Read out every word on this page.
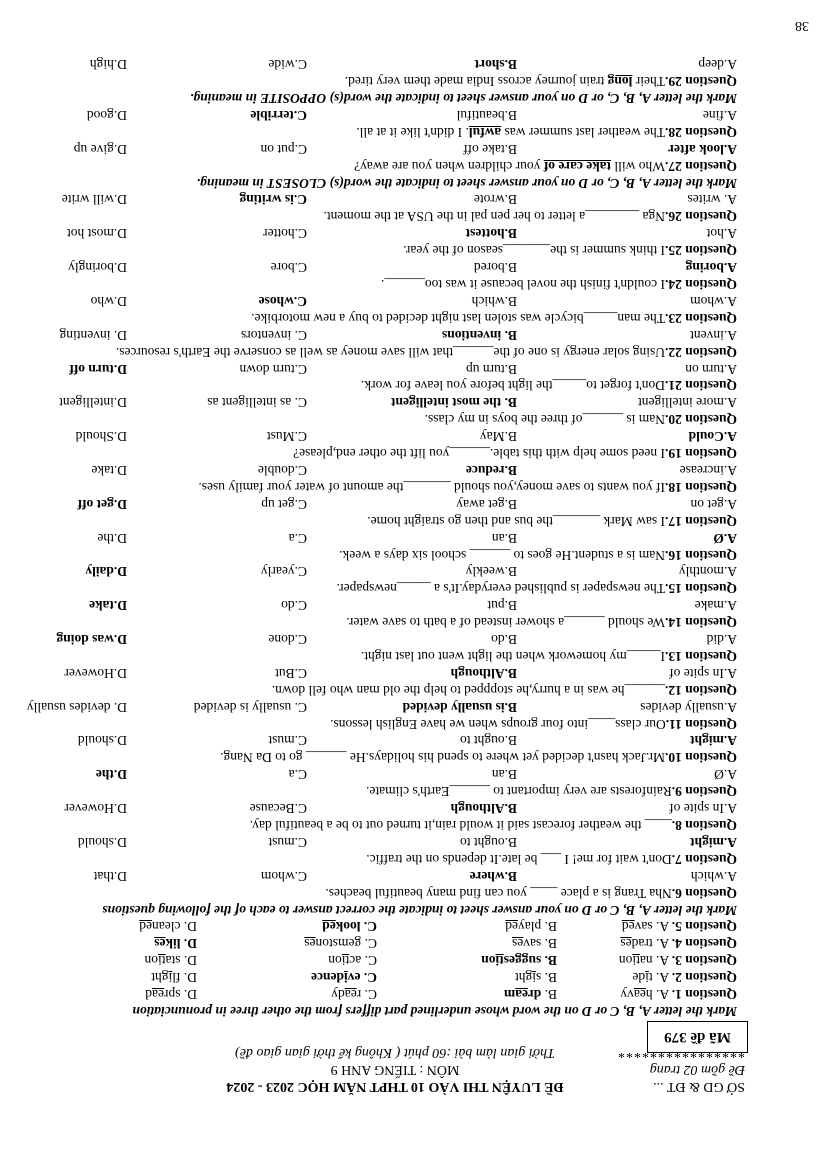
38
SỞ GD & ĐT ...
Đề gồm 02 trang
****************
ĐỀ LUYỆN THI VÀO 10 THPT NĂM HỌC 2023 - 2024
MÔN : TIẾNG ANH 9
Thời gian làm bài :60 phút ( Không kể thời gian giao đề)
Mã đề 379
Mark the letter A, B, C or D on the word whose underlined part differs from the other three in pronunciation
Question 1. A. heavy
B. dream
C. ready
D. spread
Question 2. A. tide
B. sight
C. evidence
D. flight
Question 3. A. nation
B. suggestion
C. action
D. station
Question 4. A. trades
B. saves
C. gemstones
D. likes
Question 5. A. saved
B. played
C. looked
D. cleaned
Mark the letter A, B, C or D on your answer sheet to indicate the correct answer to each of the following questions
Question 6.Nha Trang is a place ____ you can find many beautiful beaches.
A.which
B.where
C.whom
D.that
Question 7.Don't wait for me! I ___ be late.It depends on the traffic.
A.might
B.ought to
C.must
D.should
Question 8.____ the weather forecast said it would rain,it turned out to be a beautiful day.
A.In spite of
B.Although
C.Because
D.However
Question 9.Rainforests are very important to ______Earth's climate.
A.Ø
B.an
C.a
D.the
Question 10.Mr.Jack hasn't decided yet where to spend his holidays.He ______ go to Da Nang.
A.might
B.ought to
C.must
D.should
Question 11.Our class____into four groups when we have English lessons.
A.usually devides
B.is usually devided
C. usually is devided
D. devides usually
Question 12.______he was in a hurry,he stoppped to help the old man who fell down.
A.In spite of
B.Although
C.But
D.However
Question 13.I_____my homework when the light went out last night.
A.did
B.do
C.done
D.was doing
Question 14.We should ______a shower instead of a bath to save water.
A.make
B.put
C.do
D.take
Question 15.The newspaper is published everyday.It's a _____newspaper.
A.monthly
B.weekly
C.yearly
D.daily
Question 16.Nam is a student.He goes to ______ school six days a week.
A.Ø
B.an
C.a
D.the
Question 17.I saw Mark _______the bus and then go straight home.
A.get on
B.get away
C.get up
D.get off
Question 18.If you wants to save money,you should _______the amount of water your family uses.
A.increase
B.reduce
C.double
D.take
Question 19.I need some help with this table.______you lift the other end,please?
A.Could
B.May
C.Must
D.Should
Question 20.Nam is ______of three the boys in my class.
A.more intelligent
B. the most intelligent
C. as intelligent as
D.intelligent
Question 21.Don't forget to_____the light before you leave for work.
A.turn on
B.turn up
C.turn down
D.turn off
Question 22.Using solar energy is one of the______that will save money as well as conserve the Earth's resources.
A.invent
B. inventions
C. inventors
D. inventing
Question 23.The man_____bicycle was stolen last night decided to buy a new motorbike.
A.whom
B.which
C.whose
D.who
Question 24.I couldn't finish the novel because it was too______.
A.boring
B.bored
C.bore
D.boringly
Question 25.I think summer is the_______season of the year.
A.hot
B.hottest
C.hotter
D.most hot
Question 26.Nga ________a letter to her pen pal in the USA at the moment.
A. writes
B.wrote
C.is writing
D.will write
Mark the letter A, B, C, or D on your answer sheet to indicate the word(s) CLOSEST in meaning.
Question 27.Who will take care of your children when you are away?
A.look after
B.take off
C.put on
D.give up
Question 28.The weather last summer was awful. I didn't like it at all.
A.fine
B.beautiful
C.terrible
D.good
Mark the letter A, B, C, or D on your answer sheet to indicate the word(s) OPPOSITE in meaning.
Question 29.Their long train journey across India made them very tired.
A.deep
B.short
C.wide
D.high
